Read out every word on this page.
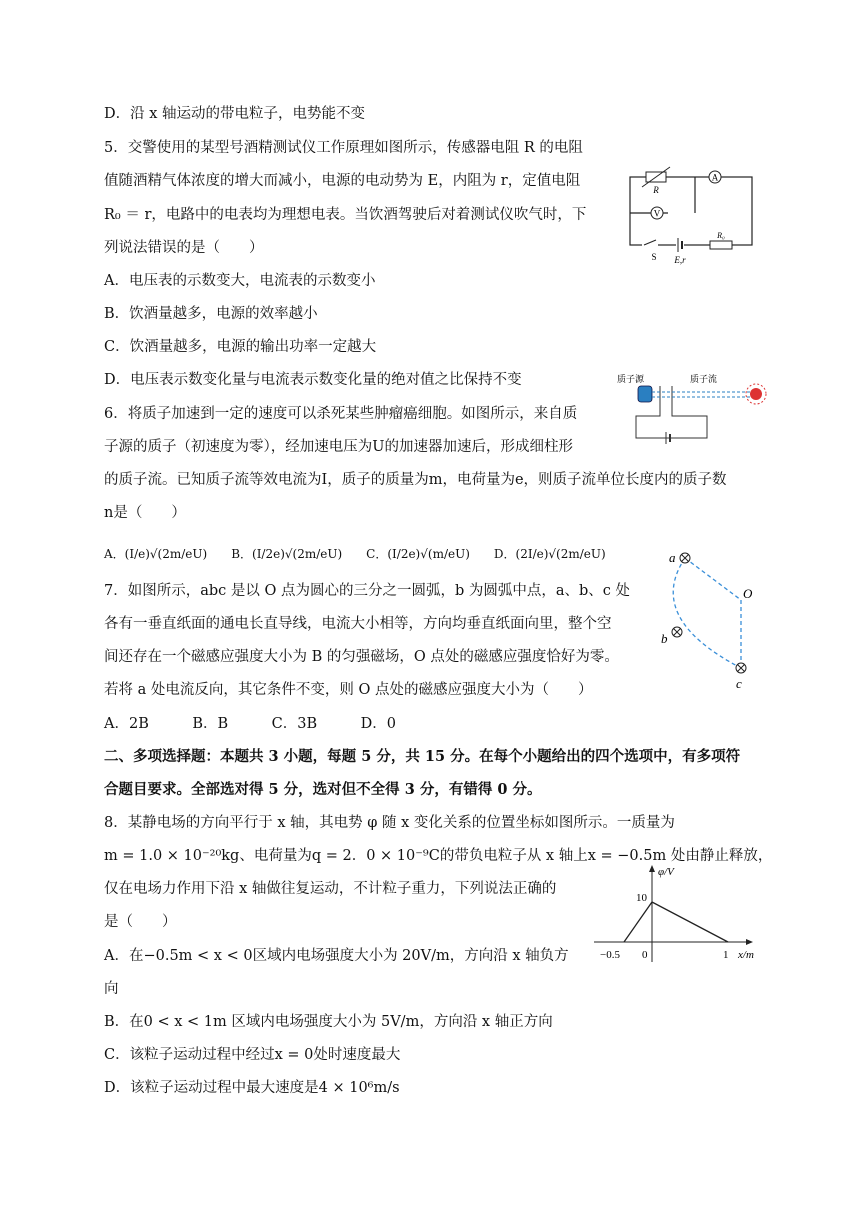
D．沿 x 轴运动的带电粒子，电势能不变
5．交警使用的某型号酒精测试仪工作原理如图所示，传感器电阻 R 的电阻
值随酒精气体浓度的增大而减小，电源的电动势为 E，内阻为 r，定值电阻
R₀ ＝ r，电路中的电表均为理想电表。当饮酒驾驶后对着测试仪吹气时，下
列说法错误的是（　　）
A．电压表的示数变大，电流表的示数变小
B．饮酒量越多，电源的效率越小
C．饮酒量越多，电源的输出功率一定越大
D．电压表示数变化量与电流表示数变化量的绝对值之比保持不变
6．将质子加速到一定的速度可以杀死某些肿瘤癌细胞。如图所示，来自质
子源的质子（初速度为零），经加速电压为U的加速器加速后，形成细柱形
的质子流。已知质子流等效电流为I，质子的质量为m，电荷量为e，则质子流单位长度内的质子数
n是（　　）
A．(I/e)√(2m/eU)　　B．(I/2e)√(2m/eU)　　C．(I/2e)√(m/eU)　　D．(2I/e)√(2m/eU)
7．如图所示，abc 是以 O 点为圆心的三分之一圆弧，b 为圆弧中点，a、b、c 处
各有一垂直纸面的通电长直导线，电流大小相等，方向均垂直纸面向里，整个空
间还存在一个磁感应强度大小为 B 的匀强磁场，O 点处的磁感应强度恰好为零。
若将 a 处电流反向，其它条件不变，则 O 点处的磁感应强度大小为（　　）
A．2B　　　B．B　　　C．3B　　　D．0
二、多项选择题：本题共 3 小题，每题 5 分，共 15 分。在每个小题给出的四个选项中，有多项符
合题目要求。全部选对得 5 分，选对但不全得 3 分，有错得 0 分。
8．某静电场的方向平行于 x 轴，其电势 φ 随 x 变化关系的位置坐标如图所示。一质量为
m = 1.0 × 10⁻²⁰kg、电荷量为q = 2．0 × 10⁻⁹C的带负电粒子从 x 轴上x = −0.5m 处由静止释放，
仅在电场力作用下沿 x 轴做往复运动，不计粒子重力，下列说法正确的
是（　　）
A．在−0.5m < x < 0区域内电场强度大小为 20V/m，方向沿 x 轴负方
向
B．在0 < x < 1m 区域内电场强度大小为 5V/m，方向沿 x 轴正方向
C．该粒子运动过程中经过x = 0处时速度最大
D．该粒子运动过程中最大速度是4 × 10⁶m/s
R
A
V
S E,r
R₀
质子源	质子流
a
b
c
O
φ/V
x/m
10
−0.5 0	1
